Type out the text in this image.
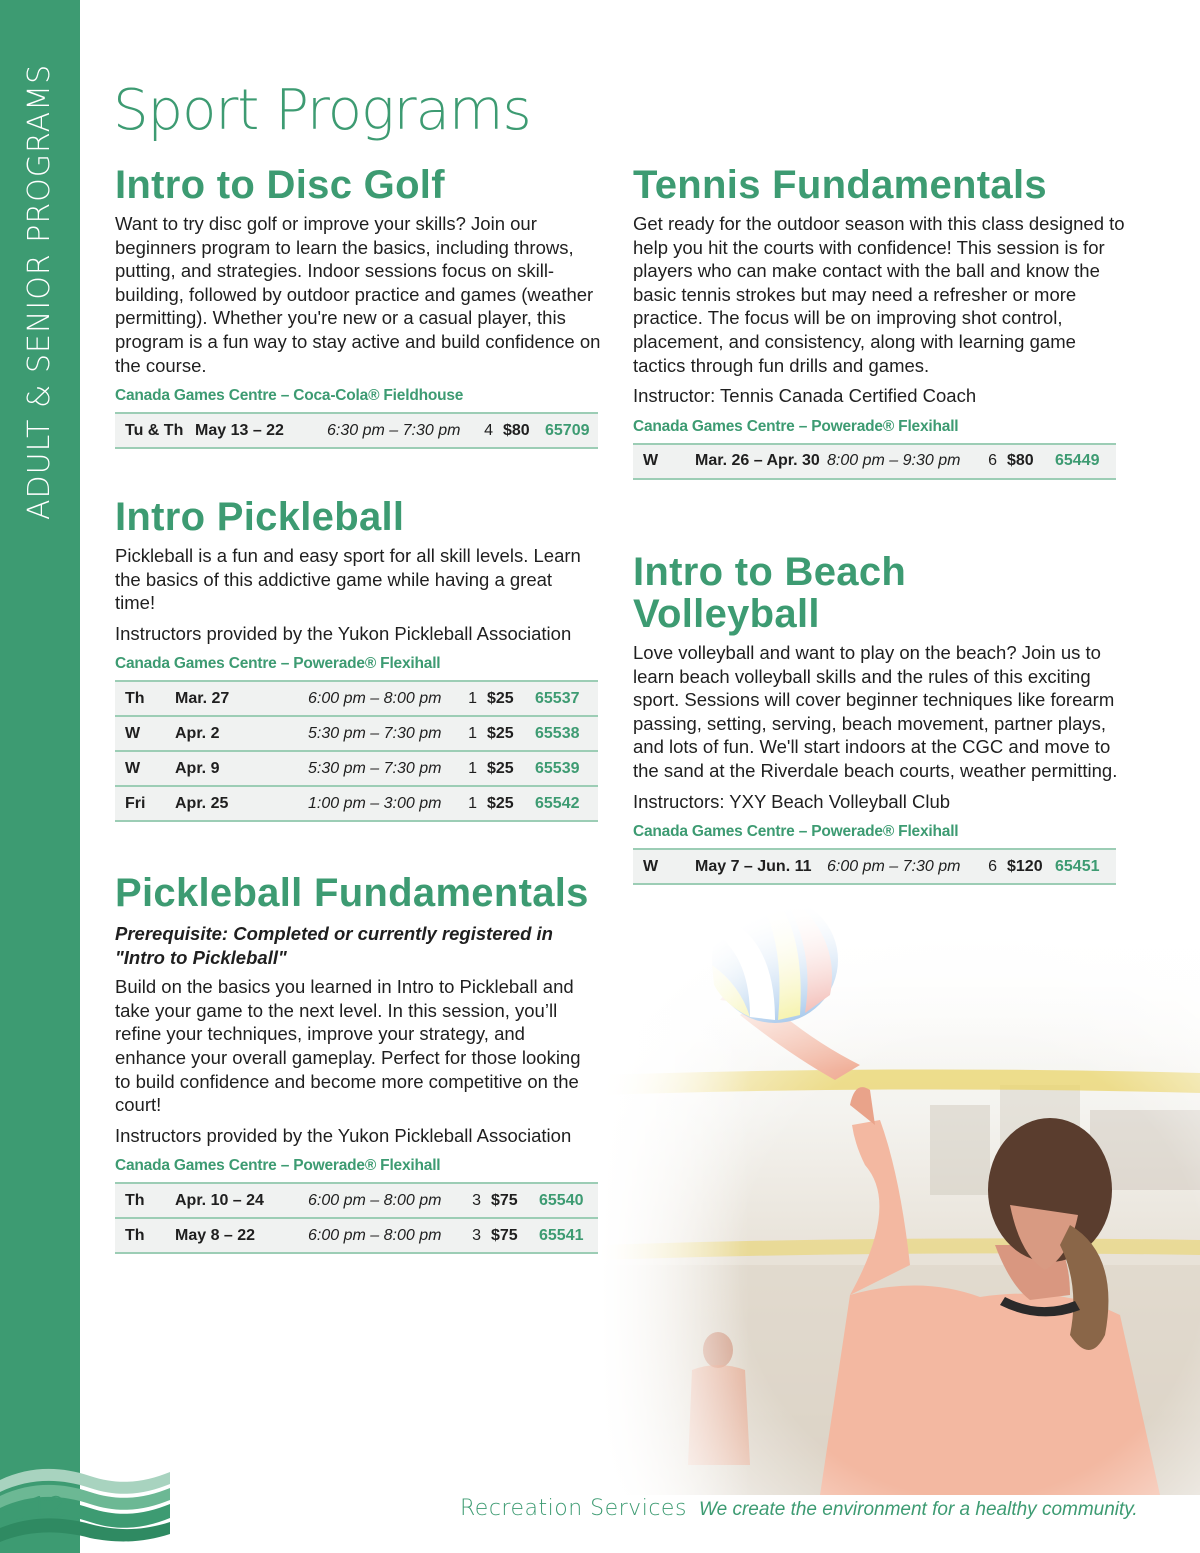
ADULT & SENIOR PROGRAMS
12
Sport Programs
Intro to Disc Golf

Want to try disc golf or improve your skills? Join our beginners program to learn the basics, including throws, putting, and strategies. Indoor sessions focus on skill-building, followed by outdoor practice and games (weather permitting). Whether you're new or a casual player, this program is a fun way to stay active and build confidence on the course.

Canada Games Centre – Coca-Cola® Fieldhouse
Tu & Th	May 13 – 22	6:30 pm – 7:30 pm	4	$80	65709
Intro Pickleball

Pickleball is a fun and easy sport for all skill levels. Learn the basics of this addictive game while having a great time!

Instructors provided by the Yukon Pickleball Association

Canada Games Centre – Powerade® Flexihall
Th	Mar. 27	6:00 pm – 8:00 pm	1	$25	65537
W	Apr. 2	5:30 pm – 7:30 pm	1	$25	65538
W	Apr. 9	5:30 pm – 7:30 pm	1	$25	65539
Fri	Apr. 25	1:00 pm – 3:00 pm	1	$25	65542
Pickleball Fundamentals

Prerequisite: Completed or currently registered in "Intro to Pickleball"

Build on the basics you learned in Intro to Pickleball and take your game to the next level. In this session, you’ll refine your techniques, improve your strategy, and enhance your overall gameplay. Perfect for those looking to build confidence and become more competitive on the court!

Instructors provided by the Yukon Pickleball Association

Canada Games Centre – Powerade® Flexihall
Th	Apr. 10 – 24	6:00 pm – 8:00 pm	3	$75	65540
Th	May 8 – 22	6:00 pm – 8:00 pm	3	$75	65541
Tennis Fundamentals

Get ready for the outdoor season with this class designed to help you hit the courts with confidence! This session is for players who can make contact with the ball and know the basic tennis strokes but may need a refresher or more practice. The focus will be on improving shot control, placement, and consistency, along with learning game tactics through fun drills and games.

Instructor: Tennis Canada Certified Coach

Canada Games Centre – Powerade® Flexihall
W	Mar. 26 – Apr. 30	8:00 pm – 9:30 pm	6	$80	65449
Intro to Beach
Volleyball

Love volleyball and want to play on the beach? Join us to learn beach volleyball skills and the rules of this exciting sport. Sessions will cover beginner techniques like forearm passing, setting, serving, beach movement, partner plays, and lots of fun. We'll start indoors at the CGC and move to the sand at the Riverdale beach courts, weather permitting.

Instructors: YXY Beach Volleyball Club

Canada Games Centre – Powerade® Flexihall
W	May 7 – Jun. 11	6:00 pm – 7:30 pm	6	$120	65451
Recreation Services We create the environment for a healthy community.
